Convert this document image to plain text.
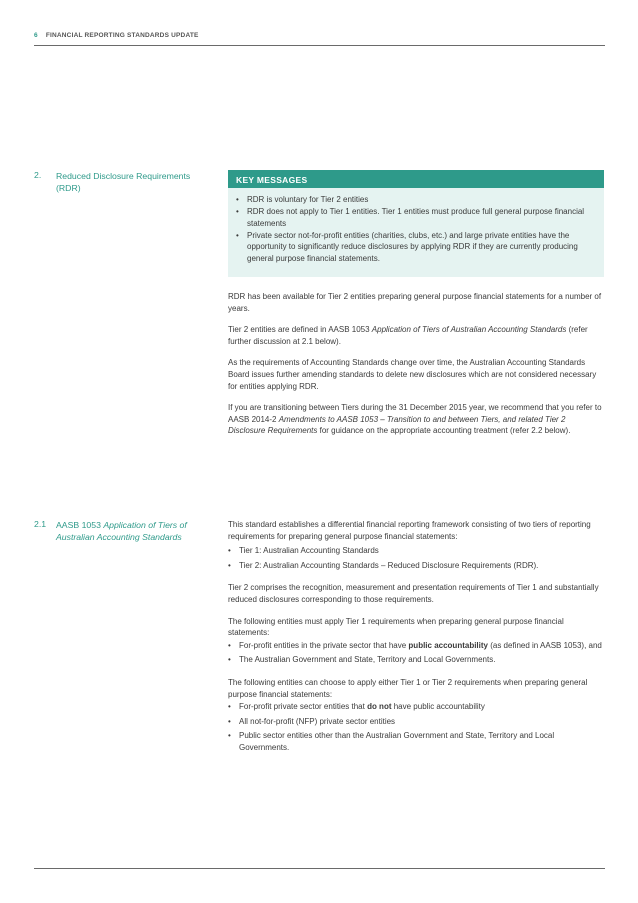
6 FINANCIAL REPORTING STANDARDS UPDATE
2. Reduced Disclosure Requirements (RDR)
KEY MESSAGES
• RDR is voluntary for Tier 2 entities
• RDR does not apply to Tier 1 entities. Tier 1 entities must produce full general purpose financial statements
• Private sector not-for-profit entities (charities, clubs, etc.) and large private entities have the opportunity to significantly reduce disclosures by applying RDR if they are currently producing general purpose financial statements.

RDR has been available for Tier 2 entities preparing general purpose financial statements for a number of years.

Tier 2 entities are defined in AASB 1053 Application of Tiers of Australian Accounting Standards (refer further discussion at 2.1 below).

As the requirements of Accounting Standards change over time, the Australian Accounting Standards Board issues further amending standards to delete new disclosures which are not considered necessary for entities applying RDR.

If you are transitioning between Tiers during the 31 December 2015 year, we recommend that you refer to AASB 2014-2 Amendments to AASB 1053 – Transition to and between Tiers, and related Tier 2 Disclosure Requirements for guidance on the appropriate accounting treatment (refer 2.2 below).

2.1 AASB 1053 Application of Tiers of Australian Accounting Standards

This standard establishes a differential financial reporting framework consisting of two tiers of reporting requirements for preparing general purpose financial statements:

• Tier 1: Australian Accounting Standards
• Tier 2: Australian Accounting Standards – Reduced Disclosure Requirements (RDR).

Tier 2 comprises the recognition, measurement and presentation requirements of Tier 1 and substantially reduced disclosures corresponding to those requirements.

The following entities must apply Tier 1 requirements when preparing general purpose financial statements:

• For-profit entities in the private sector that have public accountability (as defined in AASB 1053), and
• The Australian Government and State, Territory and Local Governments.

The following entities can choose to apply either Tier 1 or Tier 2 requirements when preparing general purpose financial statements:

• For-profit private sector entities that do not have public accountability
• All not-for-profit (NFP) private sector entities
• Public sector entities other than the Australian Government and State, Territory and Local Governments.
